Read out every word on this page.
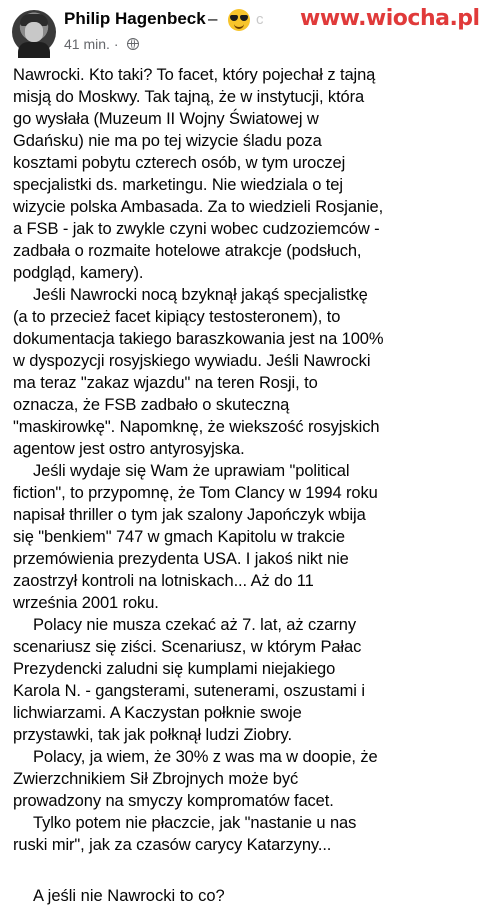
Philip Hagenbeck –	c www.wiocha.pl
41 min. ·
Nawrocki. Kto taki? To facet, który pojechał z tajną
misją do Moskwy. Tak tajną, że w instytucji, która
go wysłała (Muzeum II Wojny Światowej w
Gdańsku) nie ma po tej wizycie śladu poza
kosztami pobytu czterech osób, w tym uroczej
specjalistki ds. marketingu. Nie wiedziala o tej
wizycie polska Ambasada. Za to wiedzieli Rosjanie,
a FSB - jak to zwykle czyni wobec cudzoziemców -
zadbała o rozmaite hotelowe atrakcje (podsłuch,
podgląd, kamery).
Jeśli Nawrocki nocą bzyknął jakąś specjalistkę
(a to przecież facet kipiący testosteronem), to
dokumentacja takiego baraszkowania jest na 100%
w dyspozycji rosyjskiego wywiadu. Jeśli Nawrocki
ma teraz "zakaz wjazdu" na teren Rosji, to
oznacza, że FSB zadbało o skuteczną
"maskirowkę". Napomknę, że wiekszość rosyjskich
agentow jest ostro antyrosyjska.
Jeśli wydaje się Wam że uprawiam "political
fiction", to przypomnę, że Tom Clancy w 1994 roku
napisał thriller o tym jak szalony Japończyk wbija
się "benkiem" 747 w gmach Kapitolu w trakcie
przemówienia prezydenta USA. I jakoś nikt nie
zaostrzył kontroli na lotniskach... Aż do 11
września 2001 roku.
Polacy nie musza czekać aż 7. lat, aż czarny
scenariusz się ziści. Scenariusz, w którym Pałac
Prezydencki zaludni się kumplami niejakiego
Karola N. - gangsterami, sutenerami, oszustami i
lichwiarzami. A Kaczystan połknie swoje
przystawki, tak jak połknął ludzi Ziobry.
Polacy, ja wiem, że 30% z was ma w doopie, że
Zwierzchnikiem Sił Zbrojnych może być
prowadzony na smyczy kompromatów facet.
Tylko potem nie płaczcie, jak "nastanie u nas
ruski mir", jak za czasów carycy Katarzyny...
A jeśli nie Nawrocki to co?
